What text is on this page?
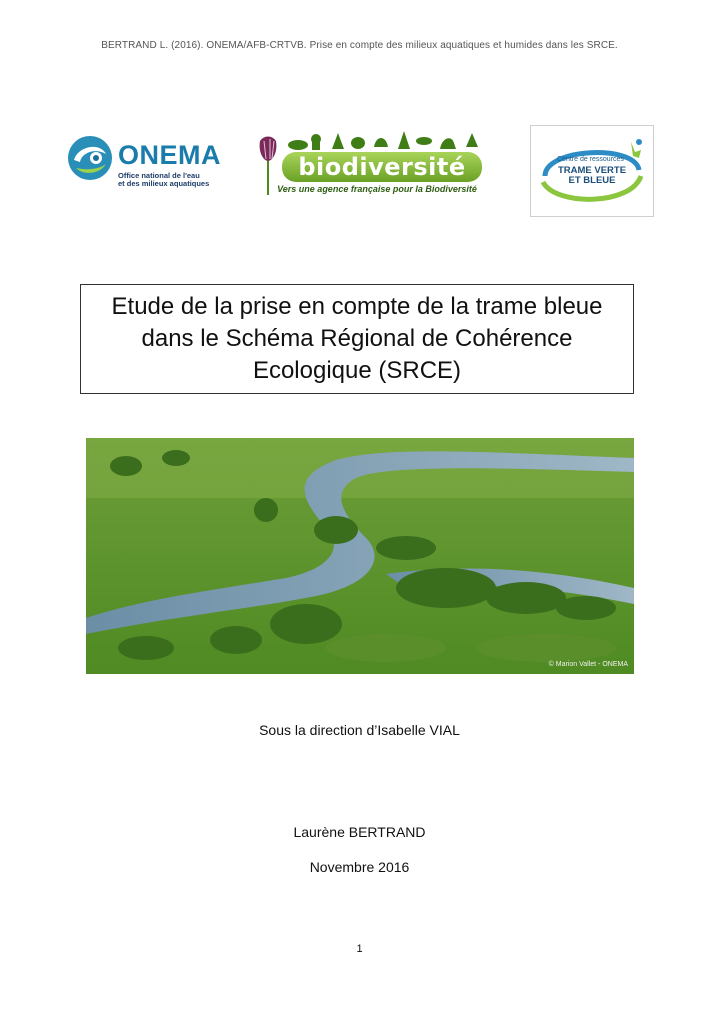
BERTRAND L. (2016). ONEMA/AFB-CRTVB. Prise en compte des milieux aquatiques et humides dans les SRCE.
ONEMA
Office national de l'eau
et des milieux aquatiques
biodiversité
Vers une agence française pour la Biodiversité
Centre de ressources
TRAME VERTE
ET BLEUE
Etude de la prise en compte de la trame bleue dans le Schéma Régional de Cohérence Ecologique (SRCE)
© Marion Vallet - ONEMA
Sous la direction d’Isabelle VIAL
Laurène BERTRAND
Novembre 2016
1
